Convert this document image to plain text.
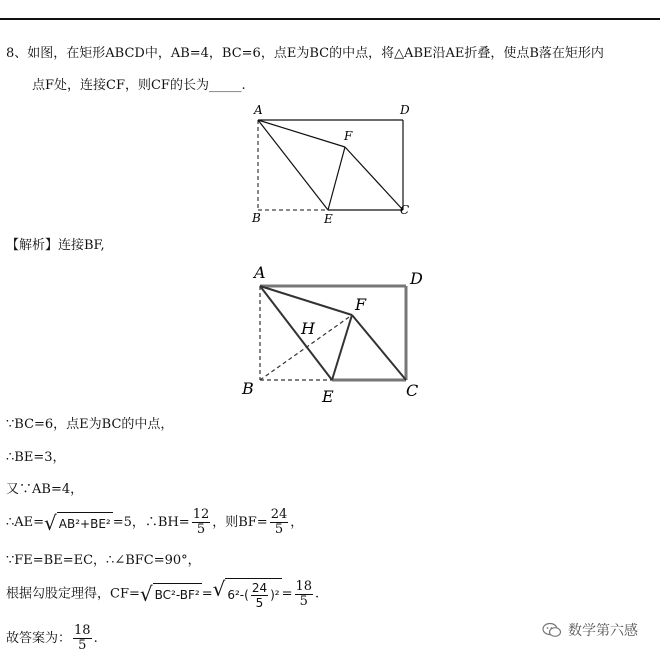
8、如图，在矩形ABCD中，AB=4，BC=6，点E为BC的中点，将△ABE沿AE折叠，使点B落在矩形内
点F处，连接CF，则CF的长为_____.
A	D
F
B	E
C
【解析】连接BF,
A	D
F
H
B	E	C
∵BC=6，点E为BC的中点，
∴BE=3，
又∵AB=4，
∴AE= √ AB²+BE² =5，∴BH= $\frac{12}{5}$ ，则$BF= \frac{24}{5}$ ，
∵FE=BE=EC，∴∠BFC=90°，
根据勾股定理得，CF= √ BC²-BF² = √ $6^2-( \frac{24}{5} )^2 = \frac{18}{5}$ .
故答案为： $\frac{18}{5}$ .	数学第六感
